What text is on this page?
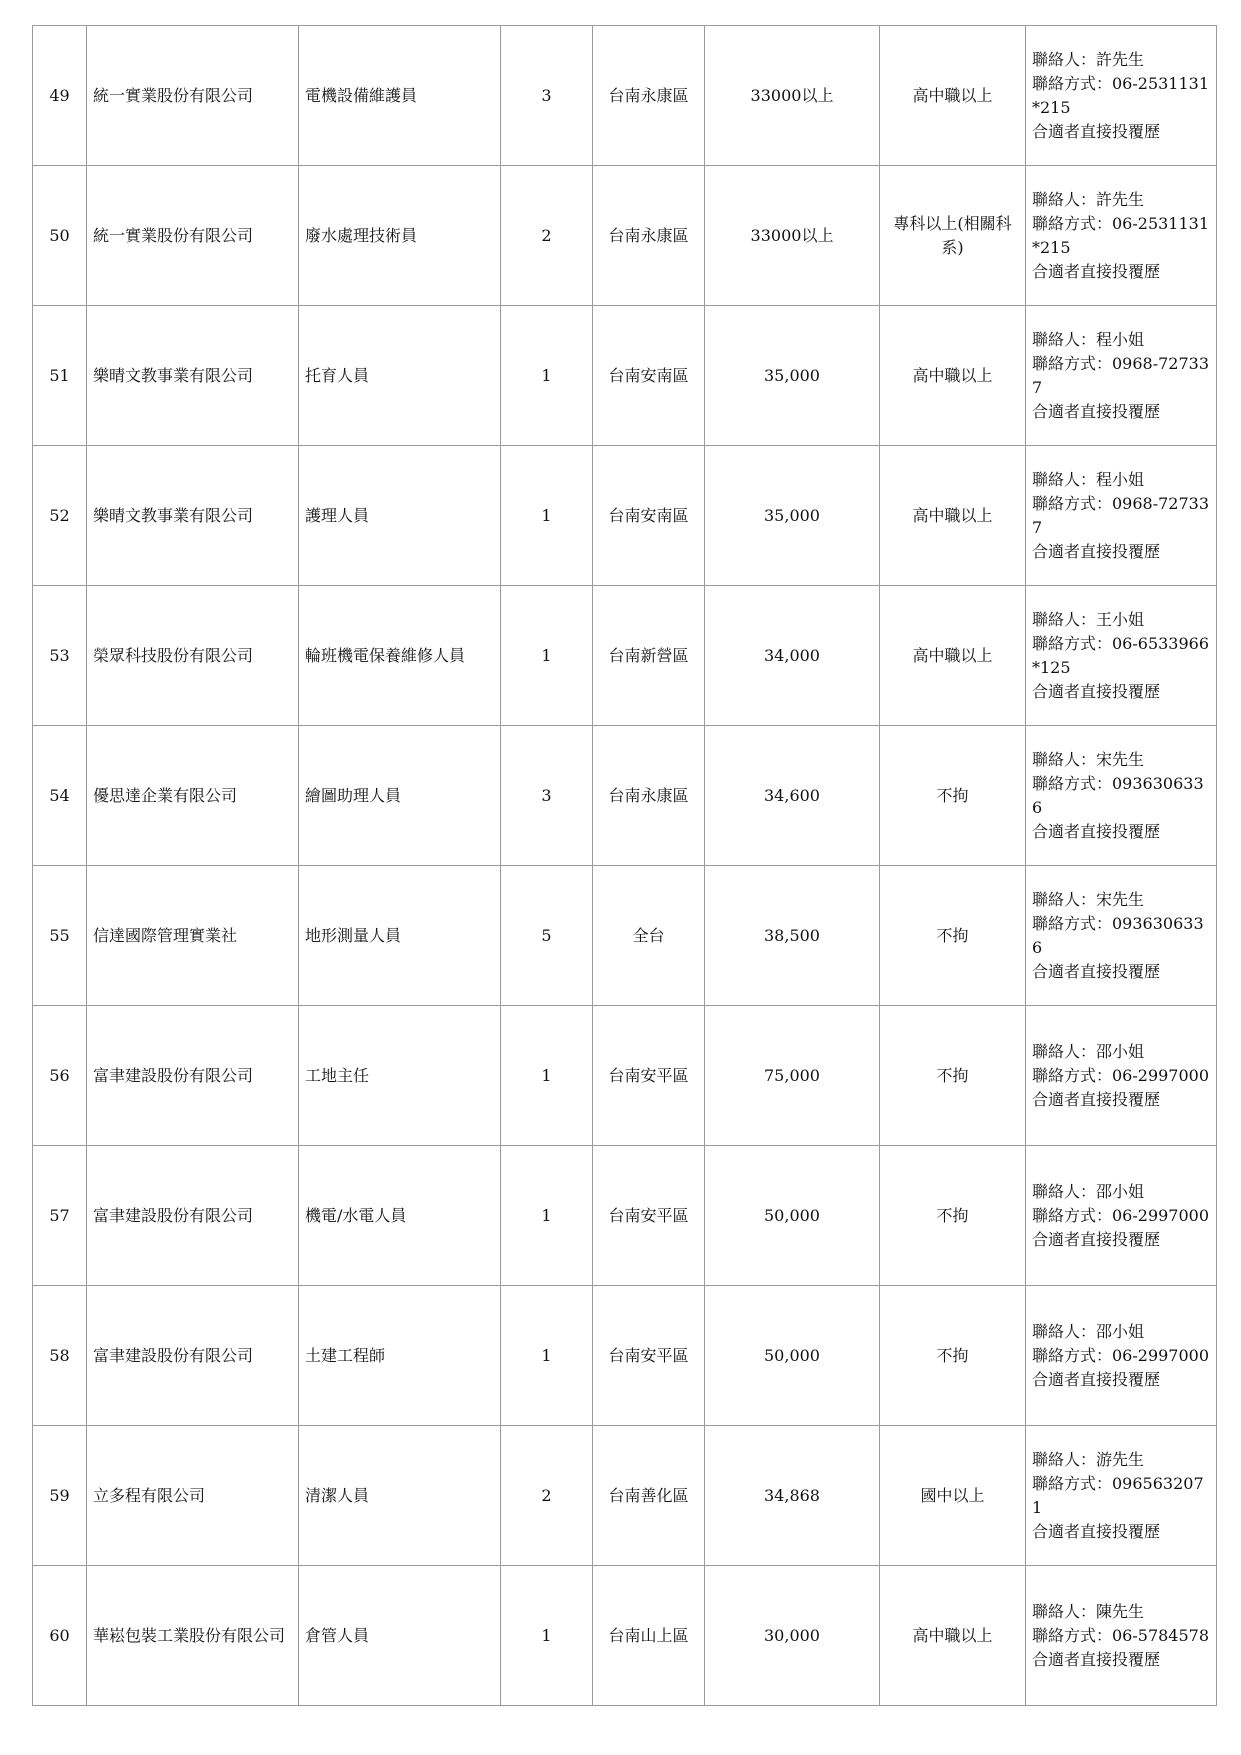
49	統一實業股份有限公司	電機設備維護員	3	台南永康區	33000以上	高中職以上	聯絡人：許先生
聯絡方式：06-2531131*215
合適者直接投覆歷

50	統一實業股份有限公司	廢水處理技術員	2	台南永康區	33000以上	專科以上(相關科系)	聯絡人：許先生
聯絡方式：06-2531131*215
合適者直接投覆歷

51	樂晴文教事業有限公司	托育人員	1	台南安南區	35,000	高中職以上	聯絡人：程小姐
聯絡方式：0968-727337
合適者直接投覆歷

52	樂晴文教事業有限公司	護理人員	1	台南安南區	35,000	高中職以上	聯絡人：程小姐
聯絡方式：0968-727337
合適者直接投覆歷

53	榮眾科技股份有限公司	輪班機電保養維修人員	1	台南新營區	34,000	高中職以上	聯絡人：王小姐
聯絡方式：06-6533966*125
合適者直接投覆歷

54	優思達企業有限公司	繪圖助理人員	3	台南永康區	34,600	不拘	聯絡人：宋先生
聯絡方式：0936306336
合適者直接投覆歷

55	信達國際管理實業社	地形測量人員	5	全台	38,500	不拘	聯絡人：宋先生
聯絡方式：0936306336
合適者直接投覆歷

56	富聿建設股份有限公司	工地主任	1	台南安平區	75,000	不拘	聯絡人：邵小姐
聯絡方式：06-2997000
合適者直接投覆歷

57	富聿建設股份有限公司	機電/水電人員	1	台南安平區	50,000	不拘	聯絡人：邵小姐
聯絡方式：06-2997000
合適者直接投覆歷

58	富聿建設股份有限公司	土建工程師	1	台南安平區	50,000	不拘	聯絡人：邵小姐
聯絡方式：06-2997000
合適者直接投覆歷

59	立多程有限公司	清潔人員	2	台南善化區	34,868	國中以上	聯絡人：游先生
聯絡方式：0965632071
合適者直接投覆歷

60	華崧包裝工業股份有限公司	倉管人員	1	台南山上區	30,000	高中職以上	聯絡人：陳先生
聯絡方式：06-5784578
合適者直接投覆歷
